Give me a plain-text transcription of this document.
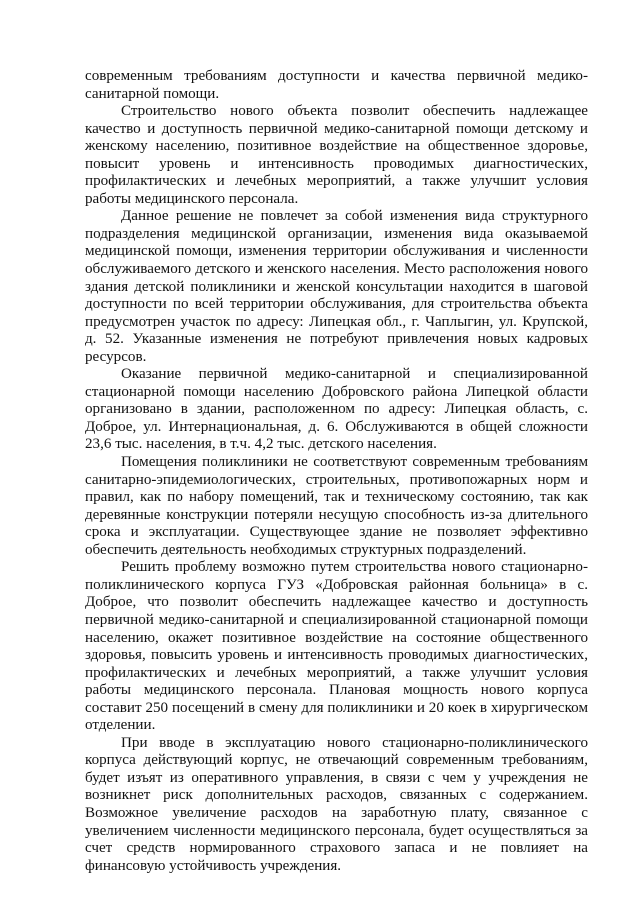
современным требованиям доступности и качества первичной медико-санитарной помощи.

Строительство нового объекта позволит обеспечить надлежащее качество и доступность первичной медико-санитарной помощи детскому и женскому населению, позитивное воздействие на общественное здоровье, повысит уровень и интенсивность проводимых диагностических, профилактических и лечебных мероприятий, а также улучшит условия работы медицинского персонала.

Данное решение не повлечет за собой изменения вида структурного подразделения медицинской организации, изменения вида оказываемой медицинской помощи, изменения территории обслуживания и численности обслуживаемого детского и женского населения. Место расположения нового здания детской поликлиники и женской консультации находится в шаговой доступности по всей территории обслуживания, для строительства объекта предусмотрен участок по адресу: Липецкая обл., г. Чаплыгин, ул. Крупской, д. 52. Указанные изменения не потребуют привлечения новых кадровых ресурсов.

Оказание первичной медико-санитарной и специализированной стационарной помощи населению Добровского района Липецкой области организовано в здании, расположенном по адресу: Липецкая область, с. Доброе, ул. Интернациональная, д. 6. Обслуживаются в общей сложности 23,6 тыс. населения, в т.ч. 4,2 тыс. детского населения.

Помещения поликлиники не соответствуют современным требованиям санитарно-эпидемиологических, строительных, противопожарных норм и правил, как по набору помещений, так и техническому состоянию, так как деревянные конструкции потеряли несущую способность из-за длительного срока и эксплуатации. Существующее здание не позволяет эффективно обеспечить деятельность необходимых структурных подразделений.

Решить проблему возможно путем строительства нового стационарно-поликлинического корпуса ГУЗ «Добровская районная больница» в с. Доброе, что позволит обеспечить надлежащее качество и доступность первичной медико-санитарной и специализированной стационарной помощи населению, окажет позитивное воздействие на состояние общественного здоровья, повысить уровень и интенсивность проводимых диагностических, профилактических и лечебных мероприятий, а также улучшит условия работы медицинского персонала. Плановая мощность нового корпуса составит 250 посещений в смену для поликлиники и 20 коек в хирургическом отделении.

При вводе в эксплуатацию нового стационарно-поликлинического корпуса действующий корпус, не отвечающий современным требованиям, будет изъят из оперативного управления, в связи с чем у учреждения не возникнет риск дополнительных расходов, связанных с содержанием. Возможное увеличение расходов на заработную плату, связанное с увеличением численности медицинского персонала, будет осуществляться за счет средств нормированного страхового запаса и не повлияет на финансовую устойчивость учреждения.
